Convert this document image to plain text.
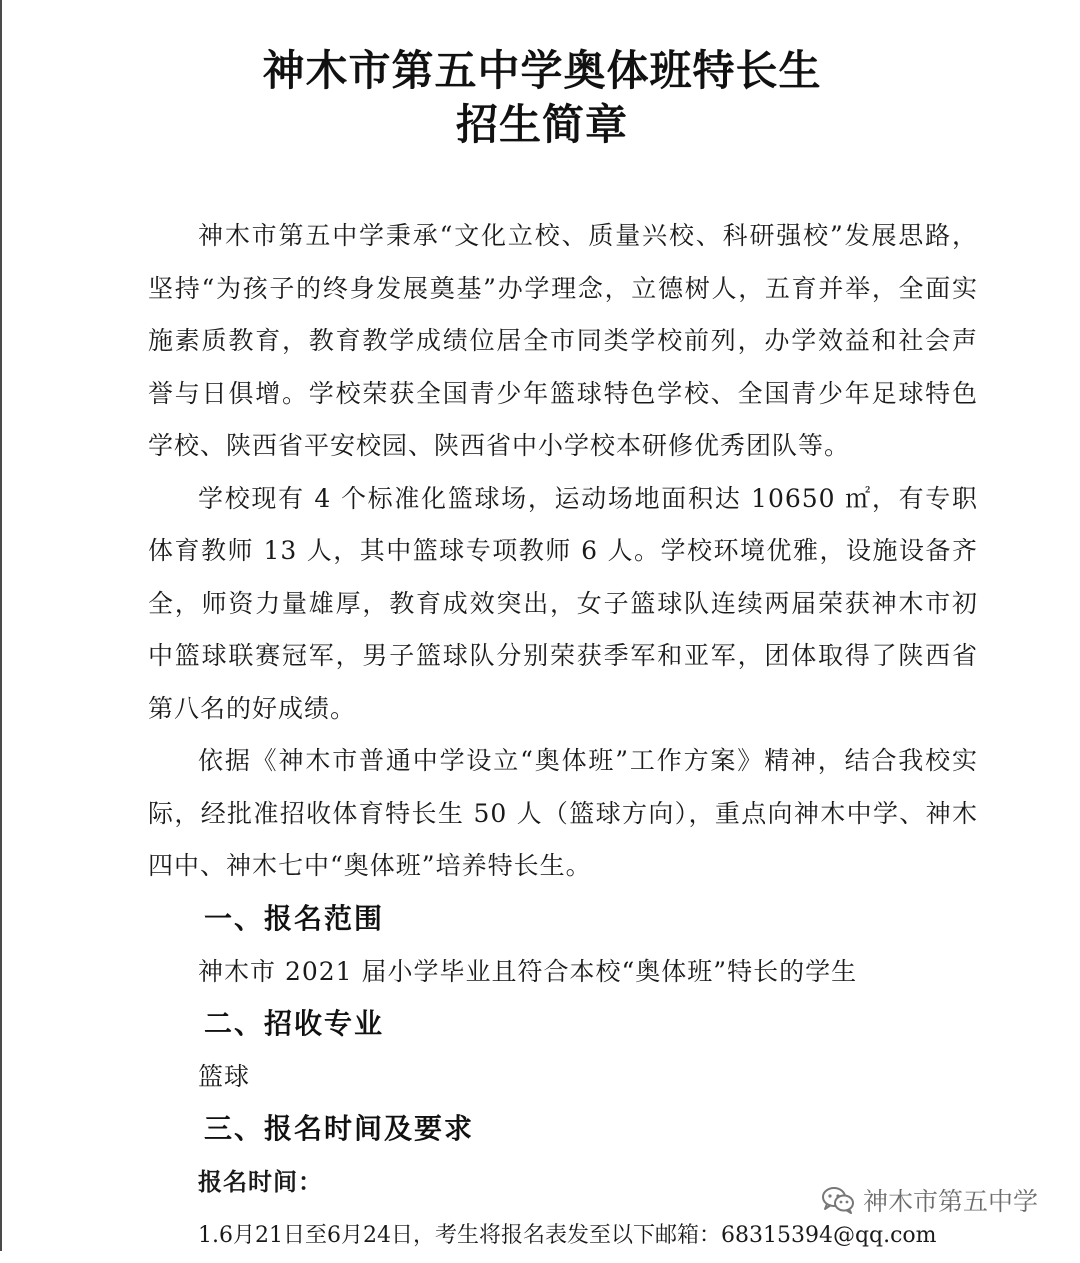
神木市第五中学奥体班特长生
招生简章

神木市第五中学秉承“文化立校、质量兴校、科研强校”发展思路，坚持“为孩子的终身发展奠基”办学理念，立德树人，五育并举，全面实施素质教育，教育教学成绩位居全市同类学校前列，办学效益和社会声誉与日俱增。学校荣获全国青少年篮球特色学校、全国青少年足球特色学校、陕西省平安校园、陕西省中小学校本研修优秀团队等。

学校现有 4 个标准化篮球场，运动场地面积达 10650 ㎡，有专职体育教师 13 人，其中篮球专项教师 6 人。学校环境优雅，设施设备齐全，师资力量雄厚，教育成效突出，女子篮球队连续两届荣获神木市初中篮球联赛冠军，男子篮球队分别荣获季军和亚军，团体取得了陕西省第八名的好成绩。

依据《神木市普通中学设立“奥体班”工作方案》精神，结合我校实际，经批准招收体育特长生 50 人（篮球方向），重点向神木中学、神木四中、神木七中“奥体班”培养特长生。

一、报名范围

神木市 2021 届小学毕业且符合本校“奥体班”特长的学生

二、招收专业

篮球

三、报名时间及要求

报名时间：

1.6月21日至6月24日，考生将报名表发至以下邮箱：68315394@qq.com

神木市第五中学
